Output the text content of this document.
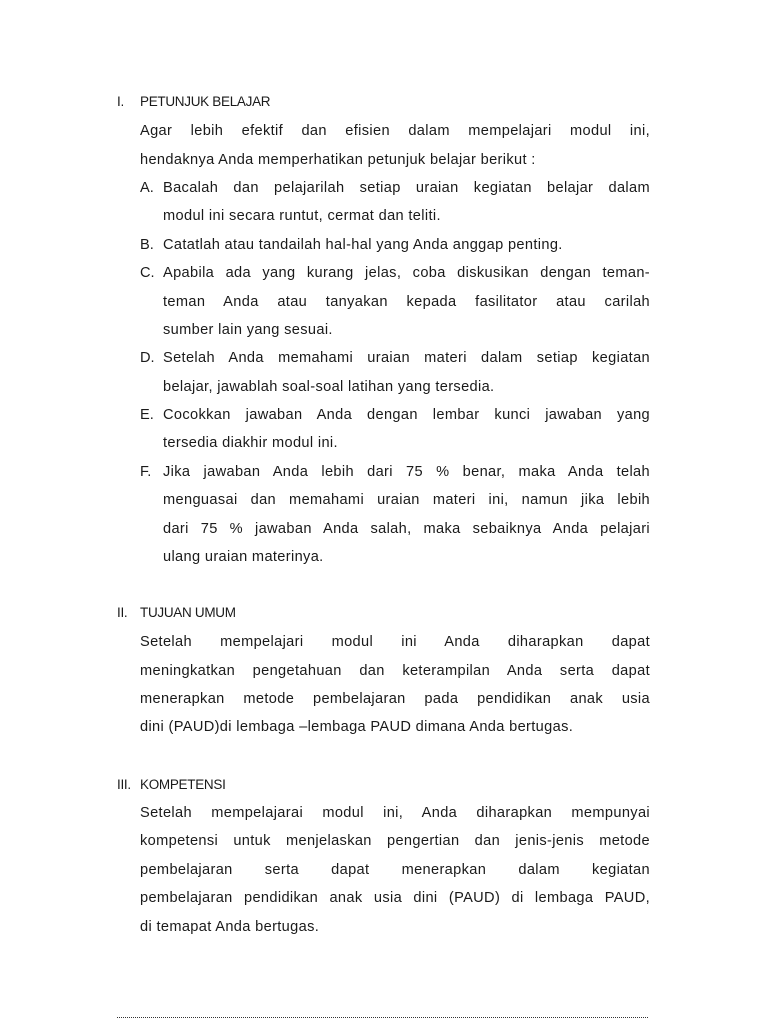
I. PETUNJUK BELAJAR
Agar lebih efektif dan efisien dalam mempelajari modul ini,
hendaknya Anda memperhatikan petunjuk belajar berikut :
A. Bacalah dan pelajarilah setiap uraian kegiatan belajar dalam
modul ini secara runtut, cermat dan teliti.
B. Catatlah atau tandailah hal-hal yang Anda anggap penting.
C. Apabila ada yang kurang jelas, coba diskusikan dengan teman-
teman Anda atau tanyakan kepada fasilitator atau carilah
sumber lain yang sesuai.
D. Setelah Anda memahami uraian materi dalam setiap kegiatan
belajar, jawablah soal-soal latihan yang tersedia.
E. Cocokkan jawaban Anda dengan lembar kunci jawaban yang
tersedia diakhir modul ini.
F. Jika jawaban Anda lebih dari 75 % benar, maka Anda telah
menguasai dan memahami uraian materi ini, namun jika lebih
dari 75 % jawaban Anda salah, maka sebaiknya Anda pelajari
ulang uraian materinya.
II. TUJUAN UMUM
Setelah mempelajari modul ini Anda diharapkan dapat
meningkatkan pengetahuan dan keterampilan Anda serta dapat
menerapkan metode pembelajaran pada pendidikan anak usia
dini (PAUD)di lembaga –lembaga PAUD dimana Anda bertugas.
III. KOMPETENSI
Setelah mempelajarai modul ini, Anda diharapkan mempunyai
kompetensi untuk menjelaskan pengertian dan jenis-jenis metode
pembelajaran serta dapat menerapkan dalam kegiatan
pembelajaran pendidikan anak usia dini (PAUD) di lembaga PAUD,
di temapat Anda bertugas.
